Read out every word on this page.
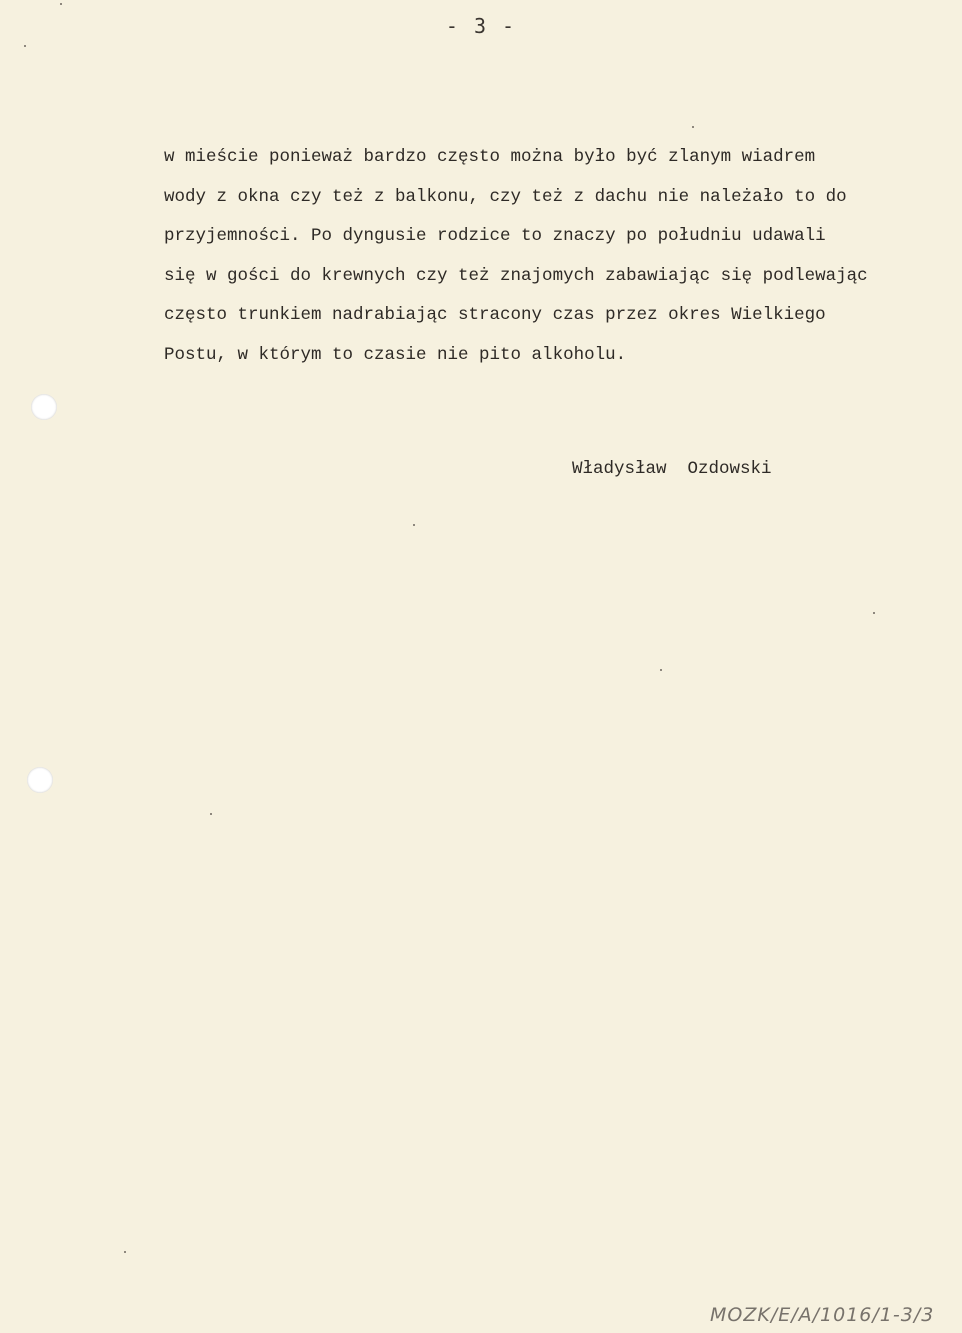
- 3 -
w mieście ponieważ bardzo często można było być zlanym wiadrem
wody z okna czy też z balkonu, czy też z dachu nie należało to do
przyjemności. Po dyngusie rodzice to znaczy po południu udawali
się w gości do krewnych czy też znajomych zabawiając się podlewając
często trunkiem nadrabiając stracony czas przez okres Wielkiego
Postu, w którym to czasie nie pito alkoholu.
Władysław  Ozdowski
MOZK/E/A/1016/1-3/3
